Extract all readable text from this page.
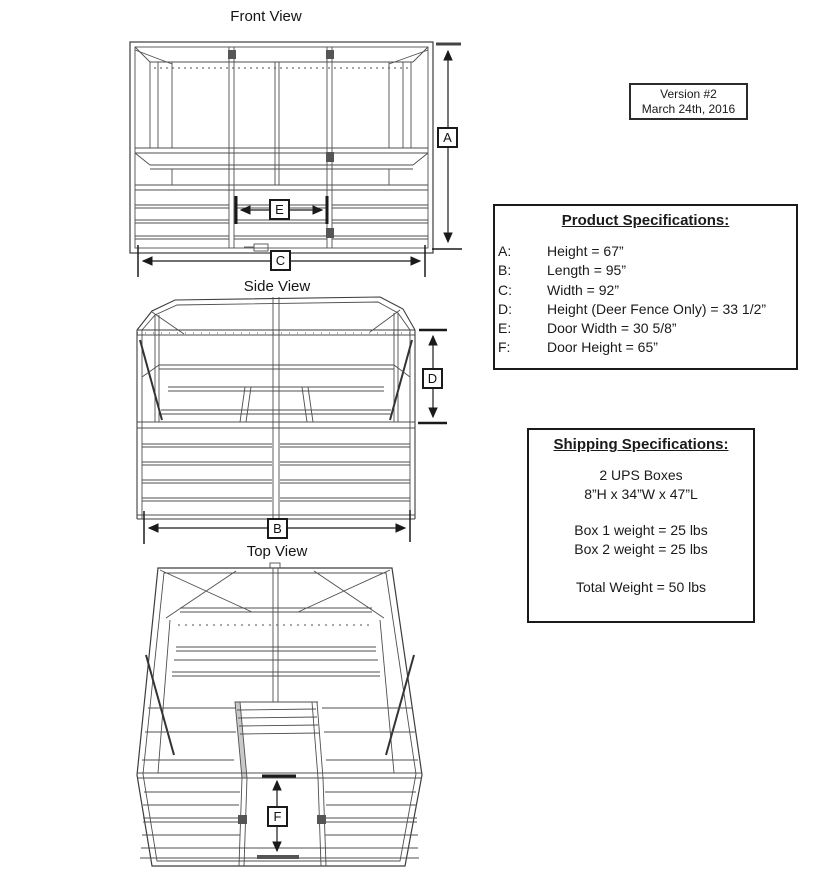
Front View
Side View
Top View
A
E
C
D
B
F
Version #2
March 24th, 2016
Product Specifications:
A:	Height = 67”
B:	Length = 95”
C:	Width = 92”
D:	Height (Deer Fence Only) = 33 1/2”
E:	Door Width = 30 5/8”
F:	Door Height = 65”
Shipping Specifications:
2 UPS Boxes
8”H x 34”W x 47”L
Box 1 weight = 25 lbs
Box 2 weight = 25 lbs
Total Weight = 50 lbs
